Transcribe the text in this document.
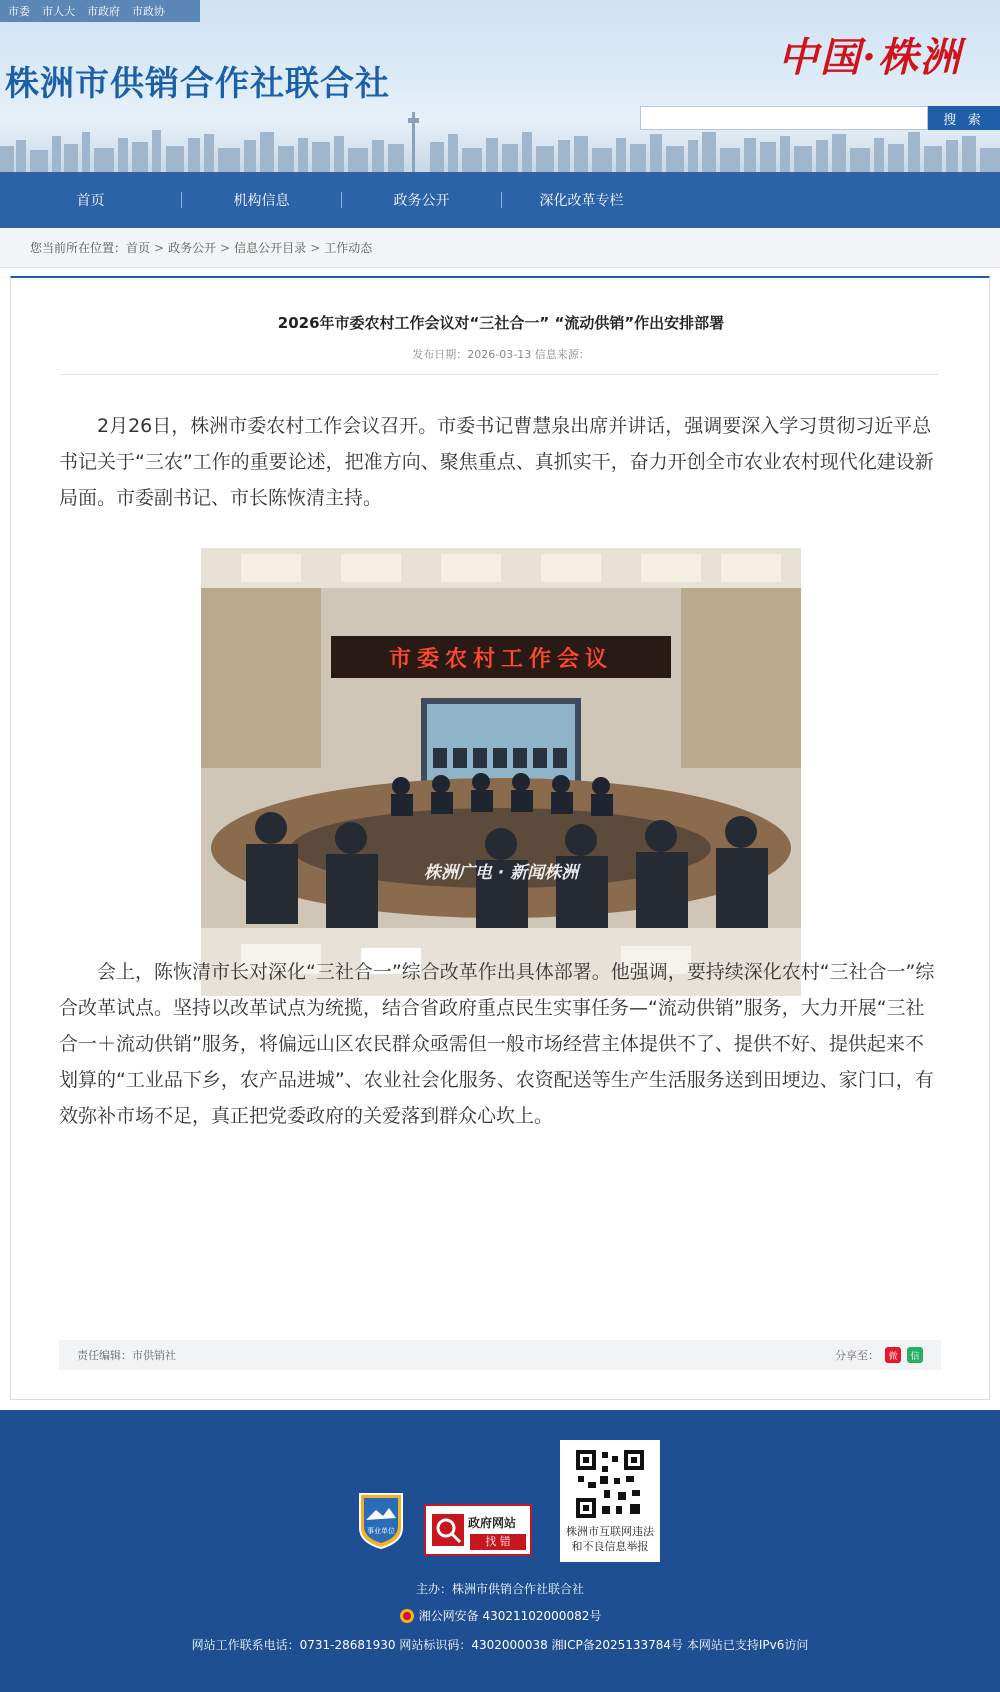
市委 市人大 市政府 市政协
株洲市供销合作社联合社
中国·株洲
搜 索
首页	机构信息	政务公开	深化改革专栏
您当前所在位置： 首页 > 政务公开 > 信息公开目录 > 工作动态
2026年市委农村工作会议对“三社合一” “流动供销”作出安排部署
发布日期：2026-03-13 信息来源：

2月26日，株洲市委农村工作会议召开。市委书记曹慧泉出席并讲话，强调要深入学习贯彻习近平总书记关于“三农”工作的重要论述，把准方向、聚焦重点、真抓实干，奋力开创全市农业农村现代化建设新局面。市委副书记、市长陈恢清主持。

市委农村工作会议
株洲广电 · 新闻株洲

会上，陈恢清市长对深化“三社合一”综合改革作出具体部署。他强调，要持续深化农村“三社合一”综合改革试点。坚持以改革试点为统揽，结合省政府重点民生实事任务—“流动供销”服务，大力开展“三社合一＋流动供销”服务，将偏远山区农民群众亟需但一般市场经营主体提供不了、提供不好、提供起来不划算的“工业品下乡，农产品进城”、农业社会化服务、农资配送等生产生活服务送到田埂边、家门口，有效弥补市场不足，真正把党委政府的关爱落到群众心坎上。

责任编辑：市供销社	分享至：	微	信
事业单位
政府网站
找 错
株洲市互联网违法
和不良信息举报
主办：株洲市供销合作社联合社
湘公网安备 43021102000082号
网站工作联系电话：0731-28681930 网站标识码：4302000038 湘ICP备2025133784号 本网站已支持IPv6访问
